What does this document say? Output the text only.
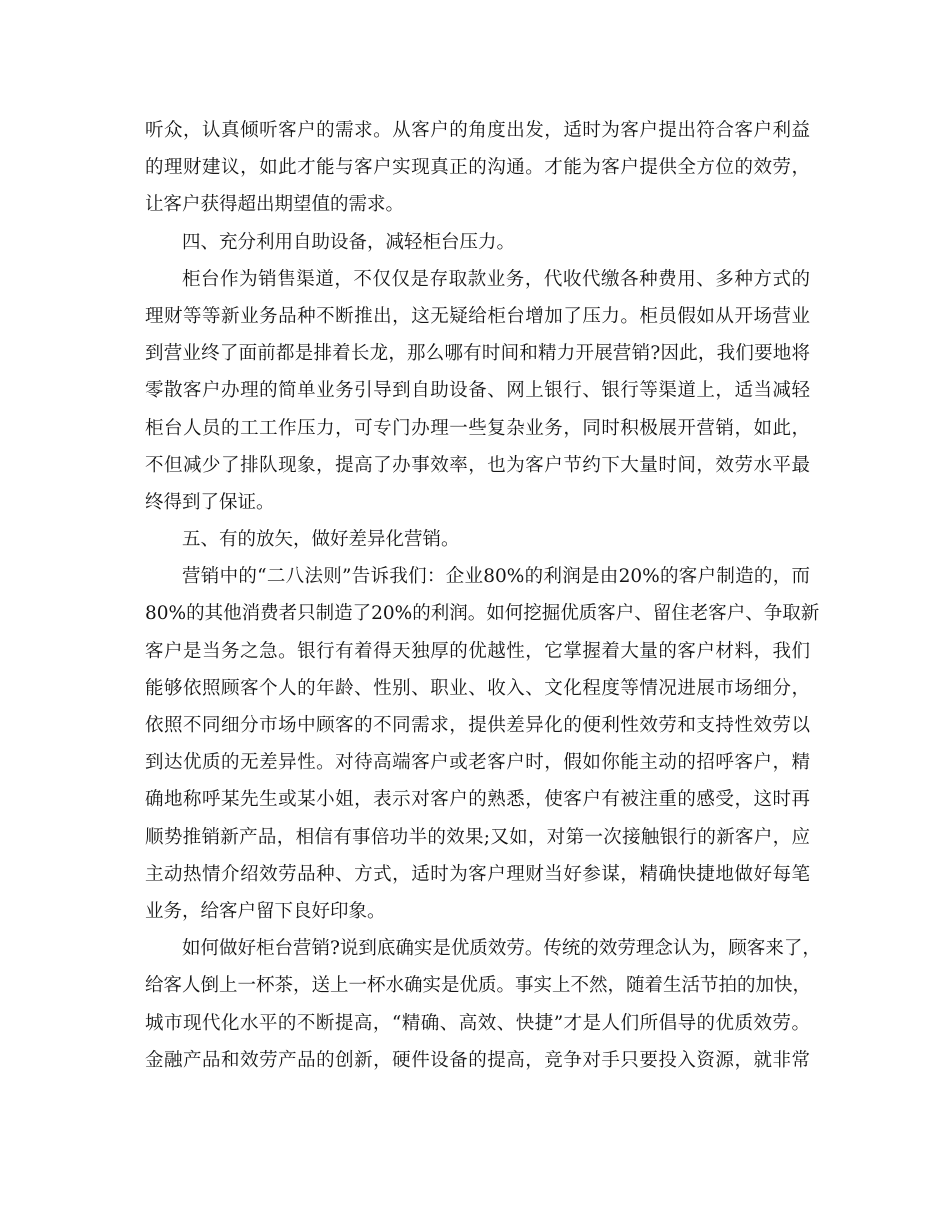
听众，认真倾听客户的需求。从客户的角度出发，适时为客户提出符合客户利益
的理财建议，如此才能与客户实现真正的沟通。才能为客户提供全方位的效劳，
让客户获得超出期望值的需求。
四、充分利用自助设备，减轻柜台压力。
柜台作为销售渠道，不仅仅是存取款业务，代收代缴各种费用、多种方式的
理财等等新业务品种不断推出，这无疑给柜台增加了压力。柜员假如从开场营业
到营业终了面前都是排着长龙，那么哪有时间和精力开展营销?因此，我们要地将
零散客户办理的简单业务引导到自助设备、网上银行、银行等渠道上，适当减轻
柜台人员的工工作压力，可专门办理一些复杂业务，同时积极展开营销，如此，
不但减少了排队现象，提高了办事效率，也为客户节约下大量时间，效劳水平最
终得到了保证。
五、有的放矢，做好差异化营销。
营销中的“二八法则”告诉我们：企业80%的利润是由20%的客户制造的，而
80%的其他消费者只制造了20%的利润。如何挖掘优质客户、留住老客户、争取新
客户是当务之急。银行有着得天独厚的优越性，它掌握着大量的客户材料，我们
能够依照顾客个人的年龄、性别、职业、收入、文化程度等情况进展市场细分，
依照不同细分市场中顾客的不同需求，提供差异化的便利性效劳和支持性效劳以
到达优质的无差异性。对待高端客户或老客户时，假如你能主动的招呼客户，精
确地称呼某先生或某小姐，表示对客户的熟悉，使客户有被注重的感受，这时再
顺势推销新产品，相信有事倍功半的效果;又如，对第一次接触银行的新客户，应
主动热情介绍效劳品种、方式，适时为客户理财当好参谋，精确快捷地做好每笔
业务，给客户留下良好印象。
如何做好柜台营销?说到底确实是优质效劳。传统的效劳理念认为，顾客来了，
给客人倒上一杯茶，送上一杯水确实是优质。事实上不然，随着生活节拍的加快，
城市现代化水平的不断提高，“精确、高效、快捷”才是人们所倡导的优质效劳。
金融产品和效劳产品的创新，硬件设备的提高，竞争对手只要投入资源，就非常
